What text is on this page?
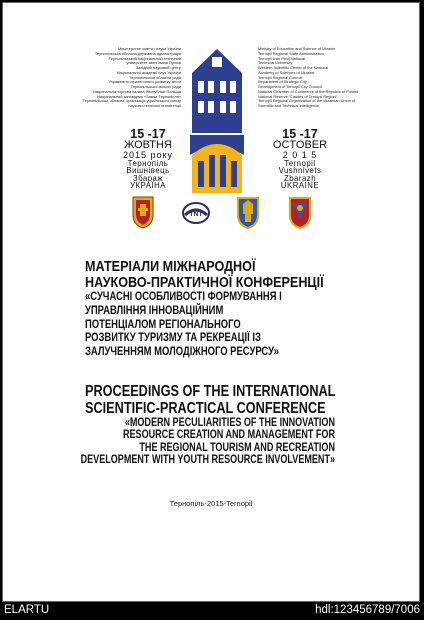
Міністерство освіти і науки України
Тернопільська обласна державна адміністрація
Тернопільський національний технічний
університет імені Івана Пулюя
Західний науковий центр
Національної академії наук України
Тернопільська обласна рада
Управління стратегічного розвитку міста
Тернопільської міської ради
Національна торгова палата Республіки Польща
Національний заповідник «Замки Тернопілля»
Тернопільська обласна організація українського союзу
науково-технічної інтелігенції
Ministry of Education and Science of Ukraine
Ternopil Regional State Administration
Ternopil Ivan Puluj National
Technical University
Western Scientific Center of the National
Academy of Sciences of Ukraine
Ternopil Regional Council
Department of Strategic City
Development of Ternopil City Council
National Chamber of Commerce of the Republic of Poland
National Reserve "Castles of Ternopil Region"
Ternopil Regional Organization of the Ukrainian Union of
Scientific and Technical Intelligence
15 -17
ЖОВТНЯ
2015 року
Тернопіль
Вишнівець
Збараж
УКРАЇНА
15 -17
OCTOBER
2 0 1 5
Ternopil
Vushnivets
Zbarazh
UKRAINE
TNT
МАТЕРІАЛИ МІЖНАРОДНОЇ
НАУКОВО-ПРАКТИЧНОЇ КОНФЕРЕНЦІЇ
«СУЧАСНІ ОСОБЛИВОСТІ ФОРМУВАННЯ І
УПРАВЛІННЯ ІННОВАЦІЙНИМ
ПОТЕНЦІАЛОМ РЕГІОНАЛЬНОГО
РОЗВИТКУ ТУРИЗМУ ТА РЕКРЕАЦІЇ ІЗ
ЗАЛУЧЕННЯМ МОЛОДІЖНОГО РЕСУРСУ»
PROCEEDINGS OF THE INTERNATIONAL
SCIENTIFIC-PRACTICAL CONFERENCE
«MODERN PECULIARITIES OF THE INNOVATION
RESOURCE CREATION AND MANAGEMENT FOR
THE REGIONAL TOURISM AND RECREATION
DEVELOPMENT WITH YOUTH RESOURCE INVOLVEMENT»
Тернопіль-2015-Ternopil
ELARTU	hdl:123456789/7006
